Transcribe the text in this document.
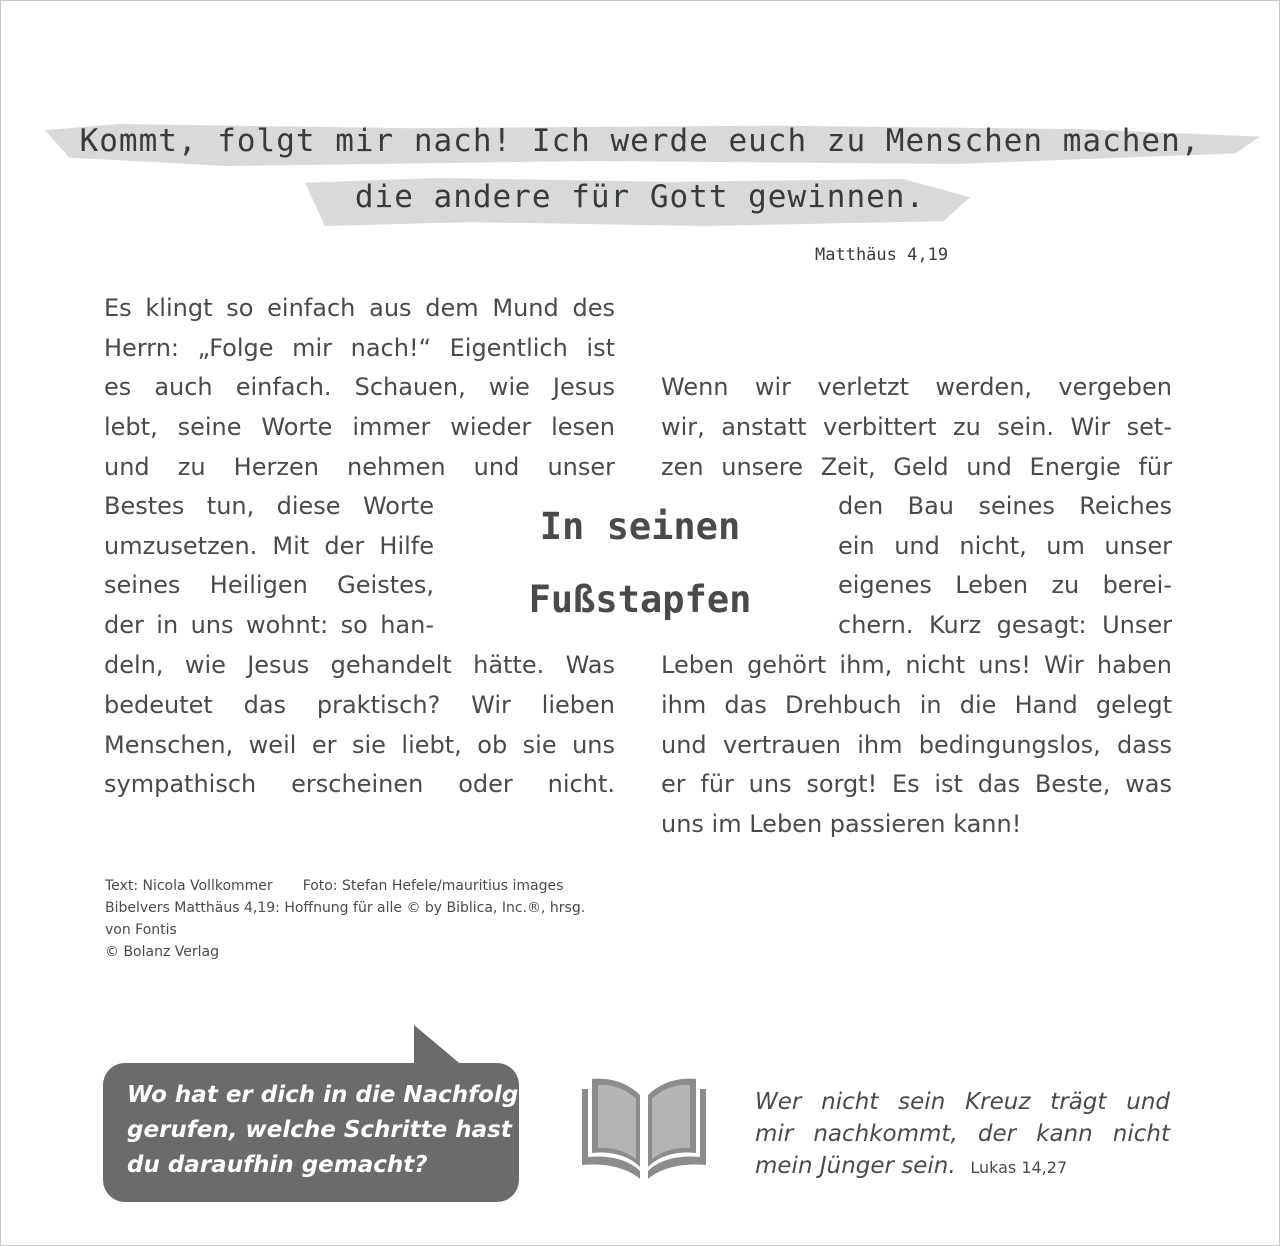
Kommt, folgt mir nach! Ich werde euch zu Menschen machen,
die andere für Gott gewinnen.
Matthäus 4,19
Es klingt so einfach aus dem Mund des
Herrn: „Folge mir nach!“ Eigentlich ist
es auch einfach. Schauen, wie Jesus
lebt, seine Worte immer wieder lesen
und zu Herzen nehmen und unser
Bestes tun, diese Worte
umzusetzen. Mit der Hilfe
seines Heiligen Geistes,
der in uns wohnt: so han-
deln, wie Jesus gehandelt hätte. Was
bedeutet das praktisch? Wir lieben
Menschen, weil er sie liebt, ob sie uns
sympathisch erscheinen oder nicht.
In seinen
Fußstapfen
Wenn wir verletzt werden, vergeben
wir, anstatt verbittert zu sein. Wir set-
zen unsere Zeit, Geld und Energie für
den Bau seines Reiches
ein und nicht, um unser
eigenes Leben zu berei-
chern. Kurz gesagt: Unser
Leben gehört ihm, nicht uns! Wir haben
ihm das Drehbuch in die Hand gelegt
und vertrauen ihm bedingungslos, dass
er für uns sorgt! Es ist das Beste, was
uns im Leben passieren kann!
Text: Nicola Vollkommer Foto: Stefan Hefele/mauritius images
Bibelvers Matthäus 4,19: Hoffnung für alle © by Biblica, Inc.®, hrsg.
von Fontis
© Bolanz Verlag
Wo hat er dich in die Nachfolge
gerufen, welche Schritte hast
du daraufhin gemacht?
Wer nicht sein Kreuz trägt und
mir nachkommt, der kann nicht
mein Jünger sein. Lukas 14,27
